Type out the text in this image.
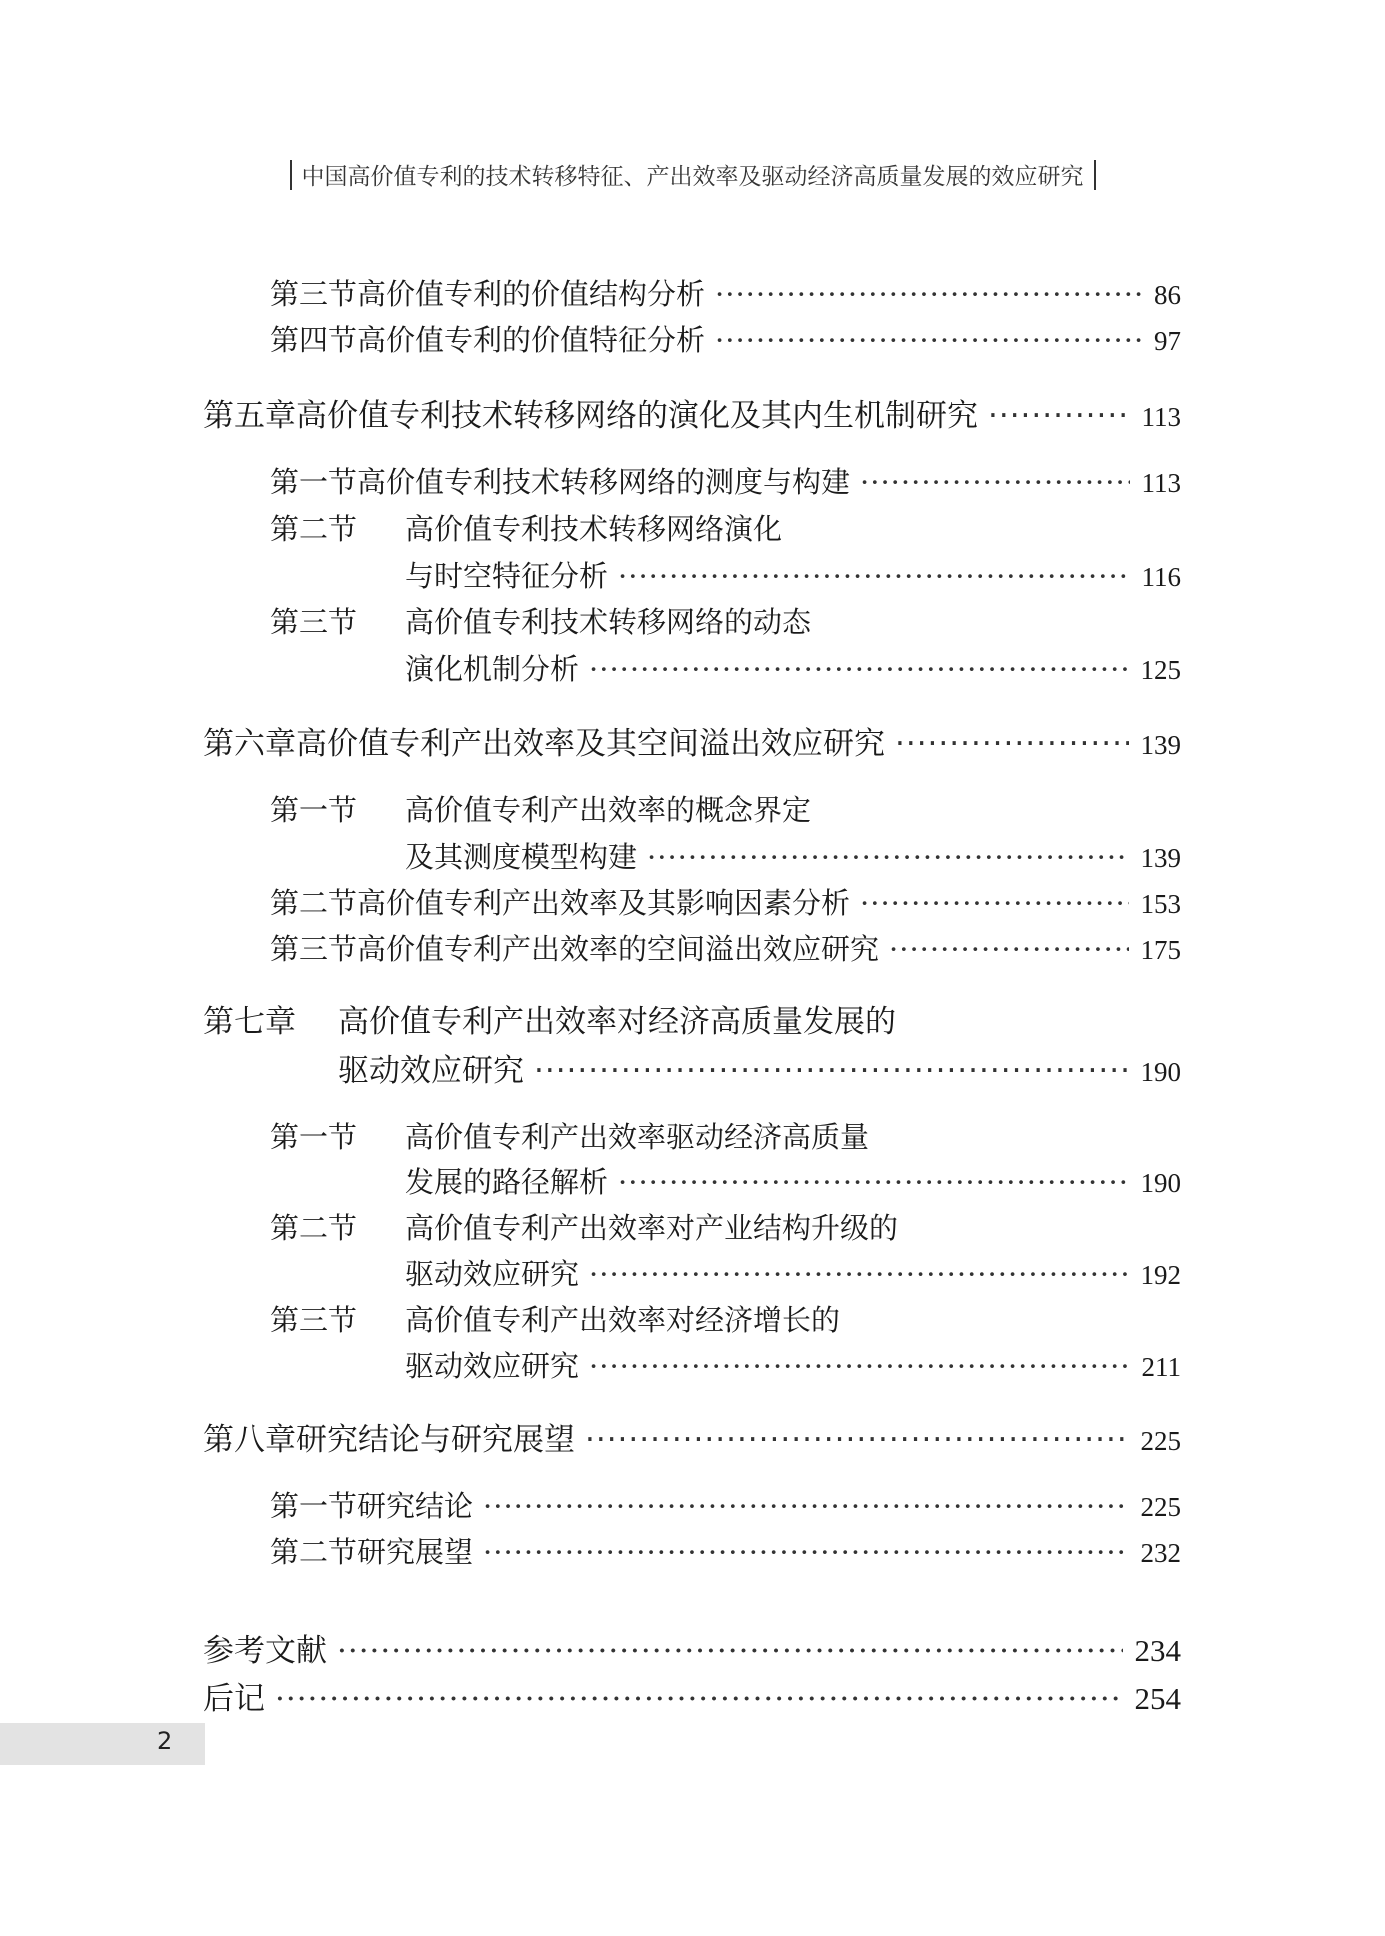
中国高价值专利的技术转移特征、产出效率及驱动经济高质量发展的效应研究
第三节 高价值专利的价值结构分析 ·····	86
第四节 高价值专利的价值特征分析 ·····	97
第五章 高价值专利技术转移网络的演化及其内生机制研究 ·····	113
第一节 高价值专利技术转移网络的测度与构建 ·····	113
第二节	高价值专利技术转移网络演化
与时空特征分析 ·····	116
第三节	高价值专利技术转移网络的动态
演化机制分析 ·····	125
第六章 高价值专利产出效率及其空间溢出效应研究 ·····	139
第一节	高价值专利产出效率的概念界定
及其测度模型构建 ·····	139
第二节 高价值专利产出效率及其影响因素分析 ·····	153
第三节 高价值专利产出效率的空间溢出效应研究 ·····	175
第七章	高价值专利产出效率对经济高质量发展的
驱动效应研究 ·····	190
第一节	高价值专利产出效率驱动经济高质量
发展的路径解析 ·····	190
第二节	高价值专利产出效率对产业结构升级的
驱动效应研究 ·····	192
第三节	高价值专利产出效率对经济增长的
驱动效应研究 ·····	211
第八章 研究结论与研究展望 ·····	225
第一节 研究结论 ·····	225
第二节 研究展望 ·····	232
参考文献 ·····	234
后记 ·····	254
2
